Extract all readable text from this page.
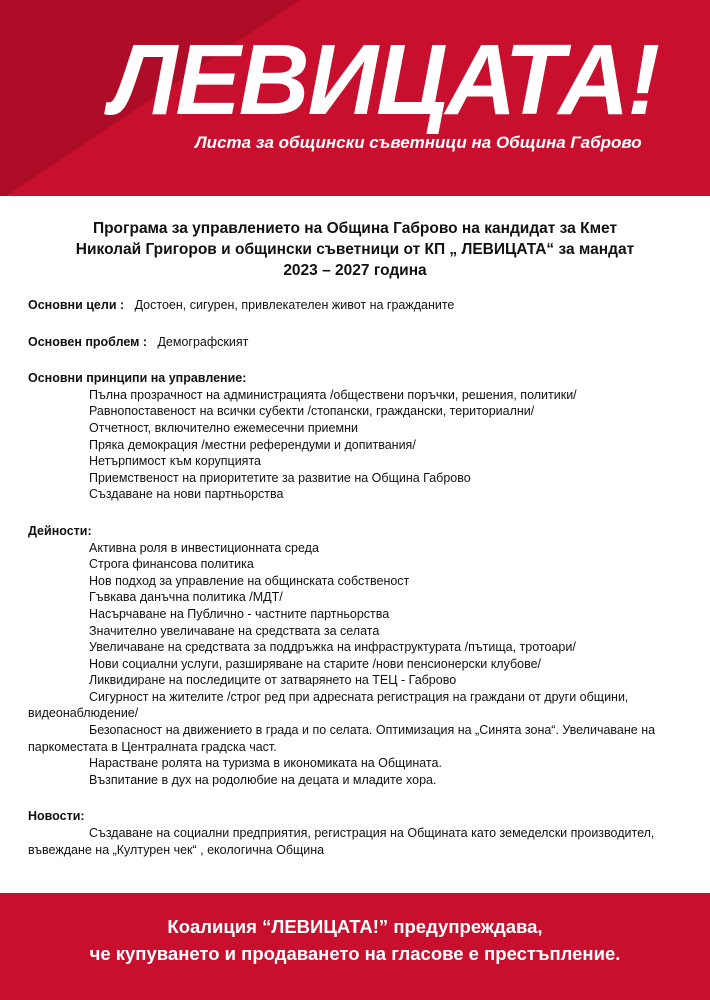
ЛЕВИЦАТА!
Листа за общински съветници на Община Габрово
Програма за управлението на Община Габрово на кандидат за Кмет
Николай Григоров и общински съветници от КП „ ЛЕВИЦАТА“ за мандат
2023 – 2027 година
Основни цели : Достоен, сигурен, привлекателен живот на гражданите
Основен проблем : Демографският
Основни принципи на управление:
Пълна прозрачност на администрацията /обществени поръчки, решения, политики/
Равнопоставеност на всички субекти /стопански, граждански, териториални/
Отчетност, включително ежемесечни приемни
Пряка демокрация /местни референдуми и допитвания/
Нетърпимост към корупцията
Приемственост на приоритетите за развитие на Община Габрово
Създаване на нови партньорства
Дейности:
Активна роля в инвестиционната среда
Строга финансова политика
Нов подход за управление на общинската собственост
Гъвкава данъчна политика /МДТ/
Насърчаване на Публично - частните партньорства
Значително увеличаване на средствата за селата
Увеличаване на средствата за поддръжка на инфраструктурата /пътища, тротоари/
Нови социални услуги, разширяване на старите /нови пенсионерски клубове/
Ликвидиране на последиците от затварянето на ТЕЦ - Габрово
Сигурност на жителите /строг ред при адресната регистрация на граждани от други общини,
видеонаблюдение/
Безопасност на движението в града и по селата. Оптимизация на „Синята зона“. Увеличаване на
паркоместата в Централната градска част.
Нарастване ролята на туризма в икономиката на Общината.
Възпитание в дух на родолюбие на децата и младите хора.
Новости:
Създаване на социални предприятия, регистрация на Общината като земеделски производител,
въвеждане на „Културен чек“ , екологична Община
Коалиция “ЛЕВИЦАТА!” предупреждава,
че купуването и продаването на гласове е престъпление.
